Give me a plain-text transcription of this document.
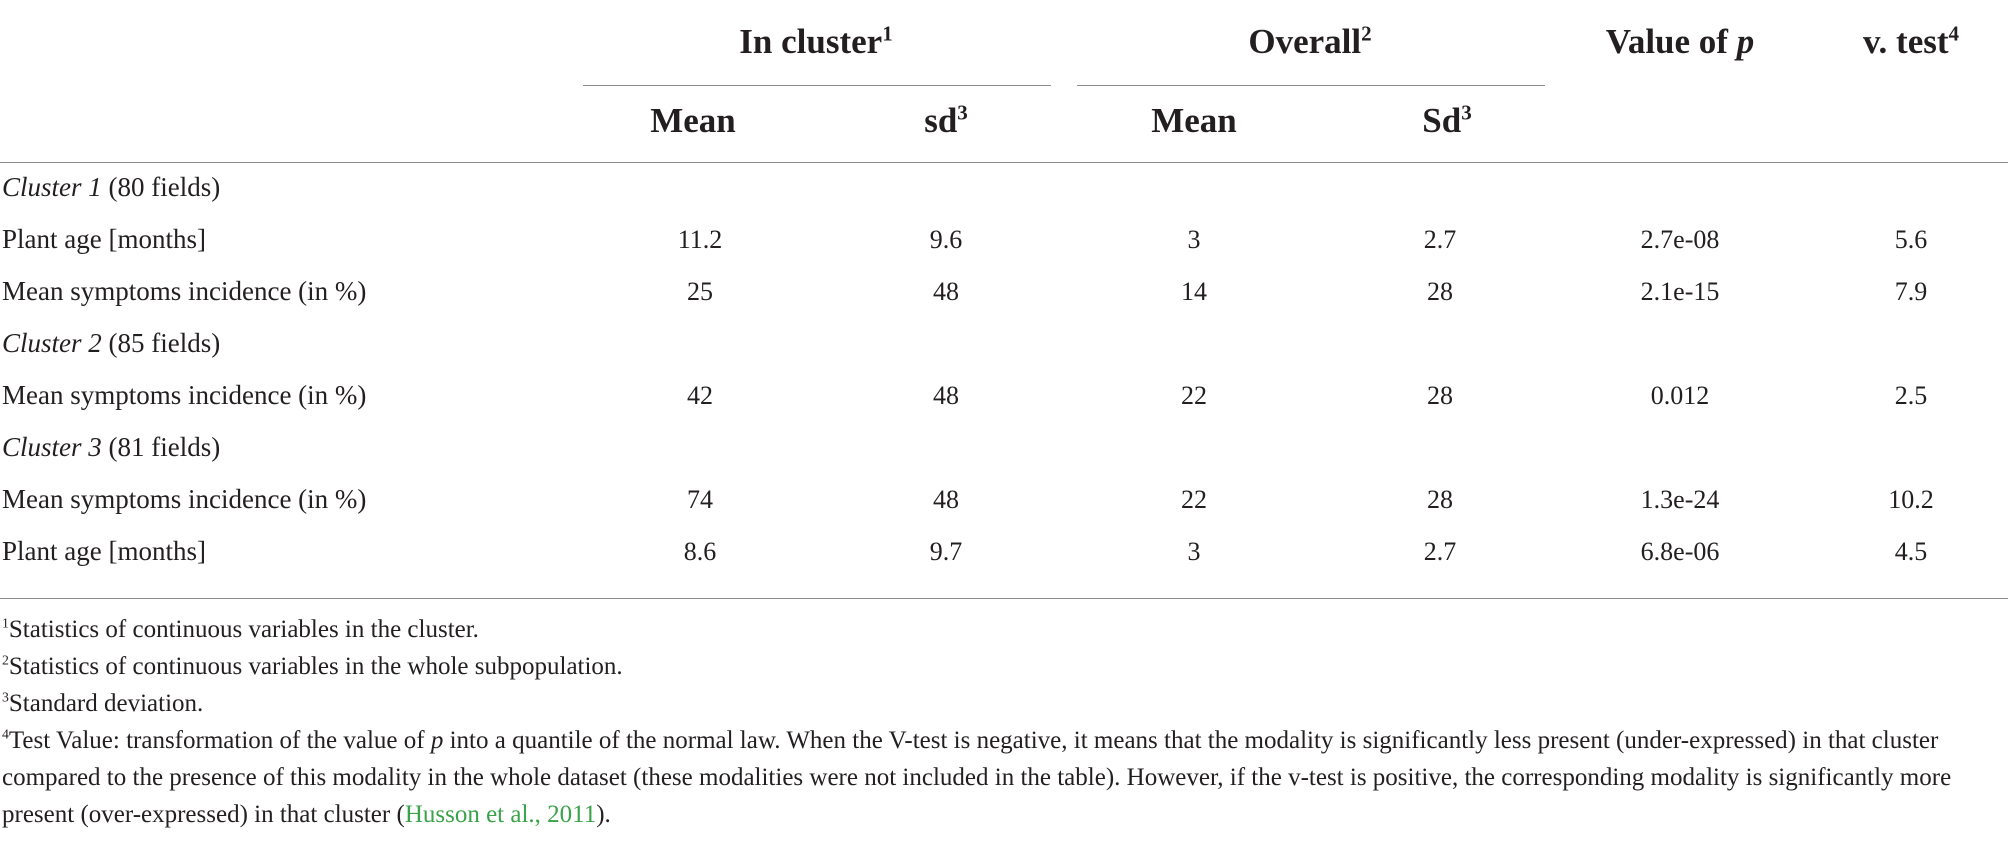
In cluster$^1$	Overall$^2$	Value of p	v. test$^4$
Mean	$sd^3$	Mean	Sd$^3$
Cluster 1 (80 fields)
Plant age [months]	11.2	9.6	3	2.7	2.7e-08	5.6
Mean symptoms incidence (in %)	25	48	14	28	2.1e-15	7.9
Cluster 2 (85 fields)
Mean symptoms incidence (in %)	42	48	22	28	0.012	2.5
Cluster 3 (81 fields)
Mean symptoms incidence (in %)	74	48	22	28	1.3e-24	10.2
Plant age [months]	8.6	9.7	3	2.7	6.8e-06	4.5
$^1$Statistics of continuous variables in the cluster.
$^2$Statistics of continuous variables in the whole subpopulation.
$^3$Standard deviation.
$^4$Test Value: transformation of the value of p into a quantile of the normal law. When the V-test is negative, it means that the modality is significantly less present (under-expressed) in that cluster compared to the presence of this modality in the whole dataset (these modalities were not included in the table). However, if the v-test is positive, the corresponding modality is significantly more present (over-expressed) in that cluster (Husson et al., 2011).
